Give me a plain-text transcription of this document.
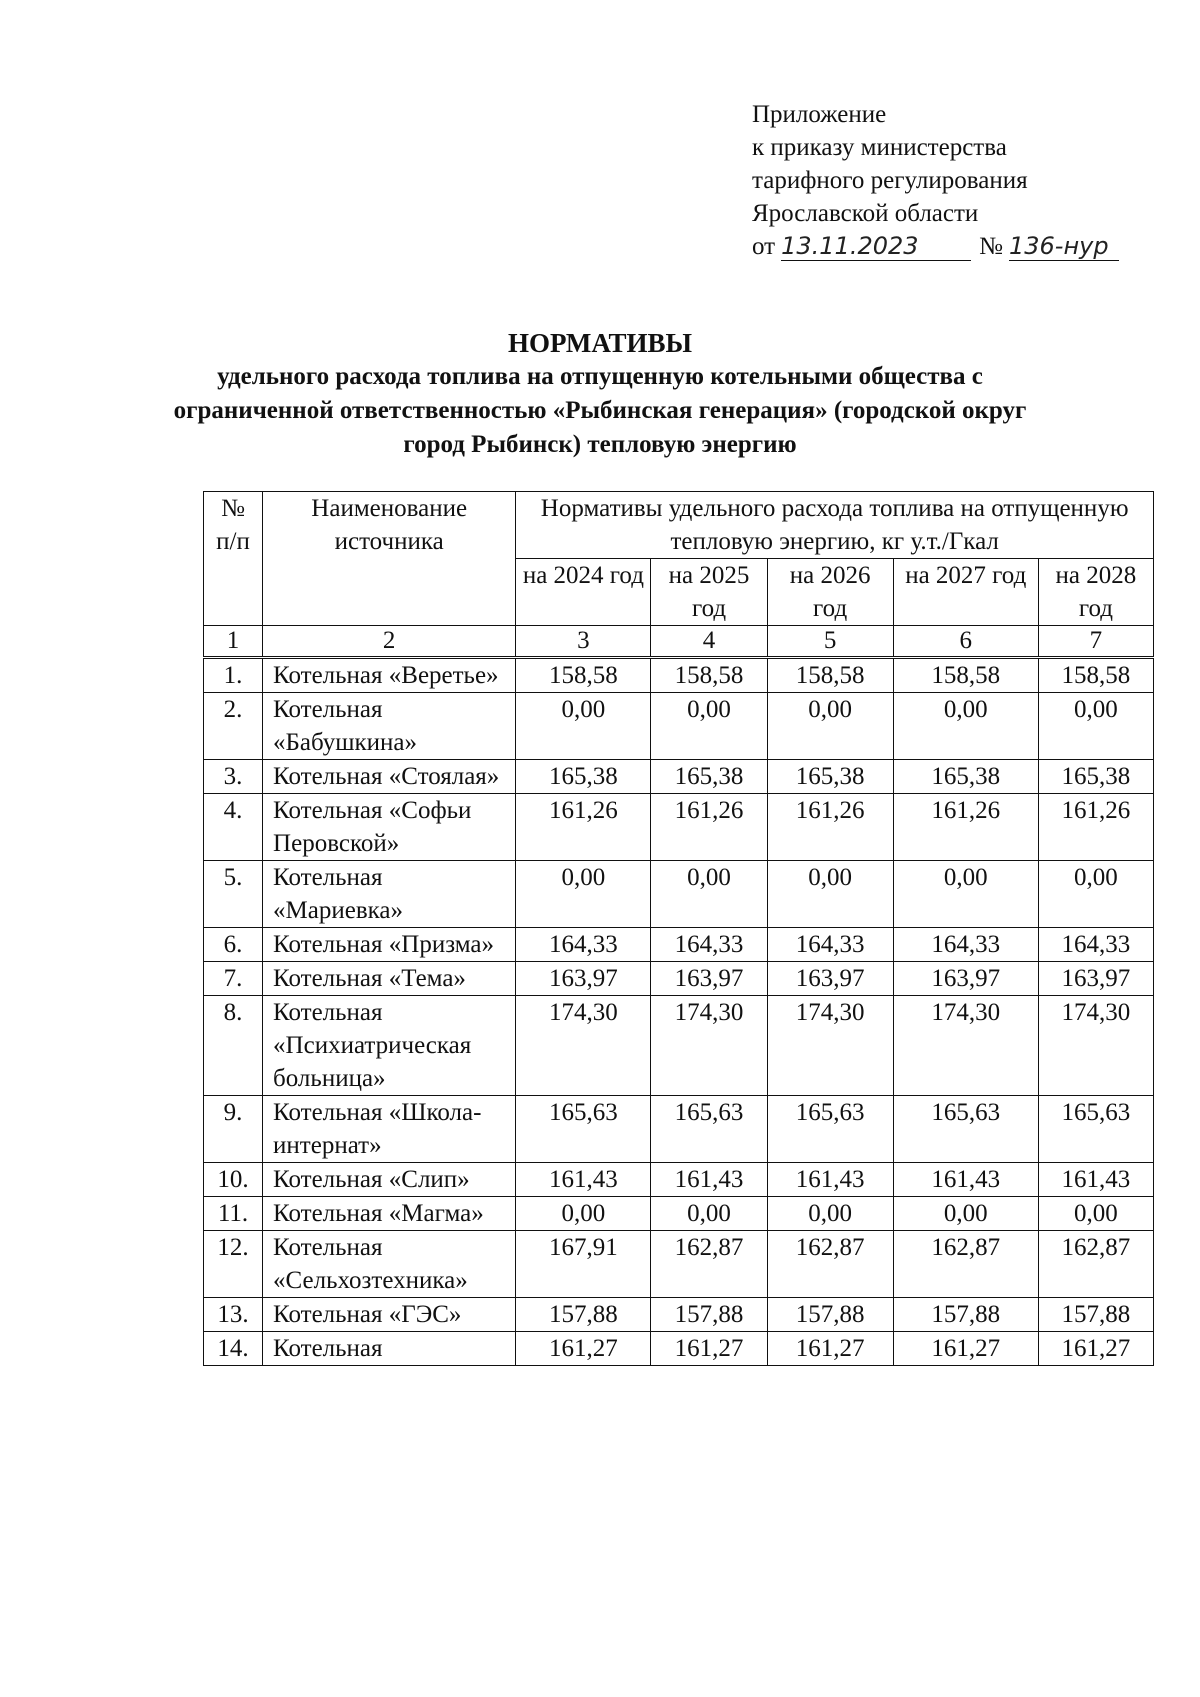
Приложение
к приказу министерства
тарифного регулирования
Ярославской области
от 13.11.2023 № 136-нур
НОРМАТИВЫ
удельного расхода топлива на отпущенную котельными общества с ограниченной ответственностью «Рыбинская генерация» (городской округ город Рыбинск) тепловую энергию
№ п/п	Наименование источника	Нормативы удельного расхода топлива на отпущенную тепловую энергию, кг у.т./Гкал				
		на 2024 год	на 2025 год	на 2026 год	на 2027 год	на 2028 год
1	2	3	4	5	6	7
1.	Котельная «Веретье»	158,58	158,58	158,58	158,58	158,58
2.	Котельная «Бабушкина»	0,00	0,00	0,00	0,00	0,00
3.	Котельная «Стоялая»	165,38	165,38	165,38	165,38	165,38
4.	Котельная «Софьи Перовской»	161,26	161,26	161,26	161,26	161,26
5.	Котельная «Мариевка»	0,00	0,00	0,00	0,00	0,00
6.	Котельная «Призма»	164,33	164,33	164,33	164,33	164,33
7.	Котельная «Тема»	163,97	163,97	163,97	163,97	163,97
8.	Котельная «Психиатрическая больница»	174,30	174,30	174,30	174,30	174,30
9.	Котельная «Школа-интернат»	165,63	165,63	165,63	165,63	165,63
10.	Котельная «Слип»	161,43	161,43	161,43	161,43	161,43
11.	Котельная «Магма»	0,00	0,00	0,00	0,00	0,00
12.	Котельная «Сельхозтехника»	167,91	162,87	162,87	162,87	162,87
13.	Котельная «ГЭС»	157,88	157,88	157,88	157,88	157,88
14.	Котельная	161,27	161,27	161,27	161,27	161,27
